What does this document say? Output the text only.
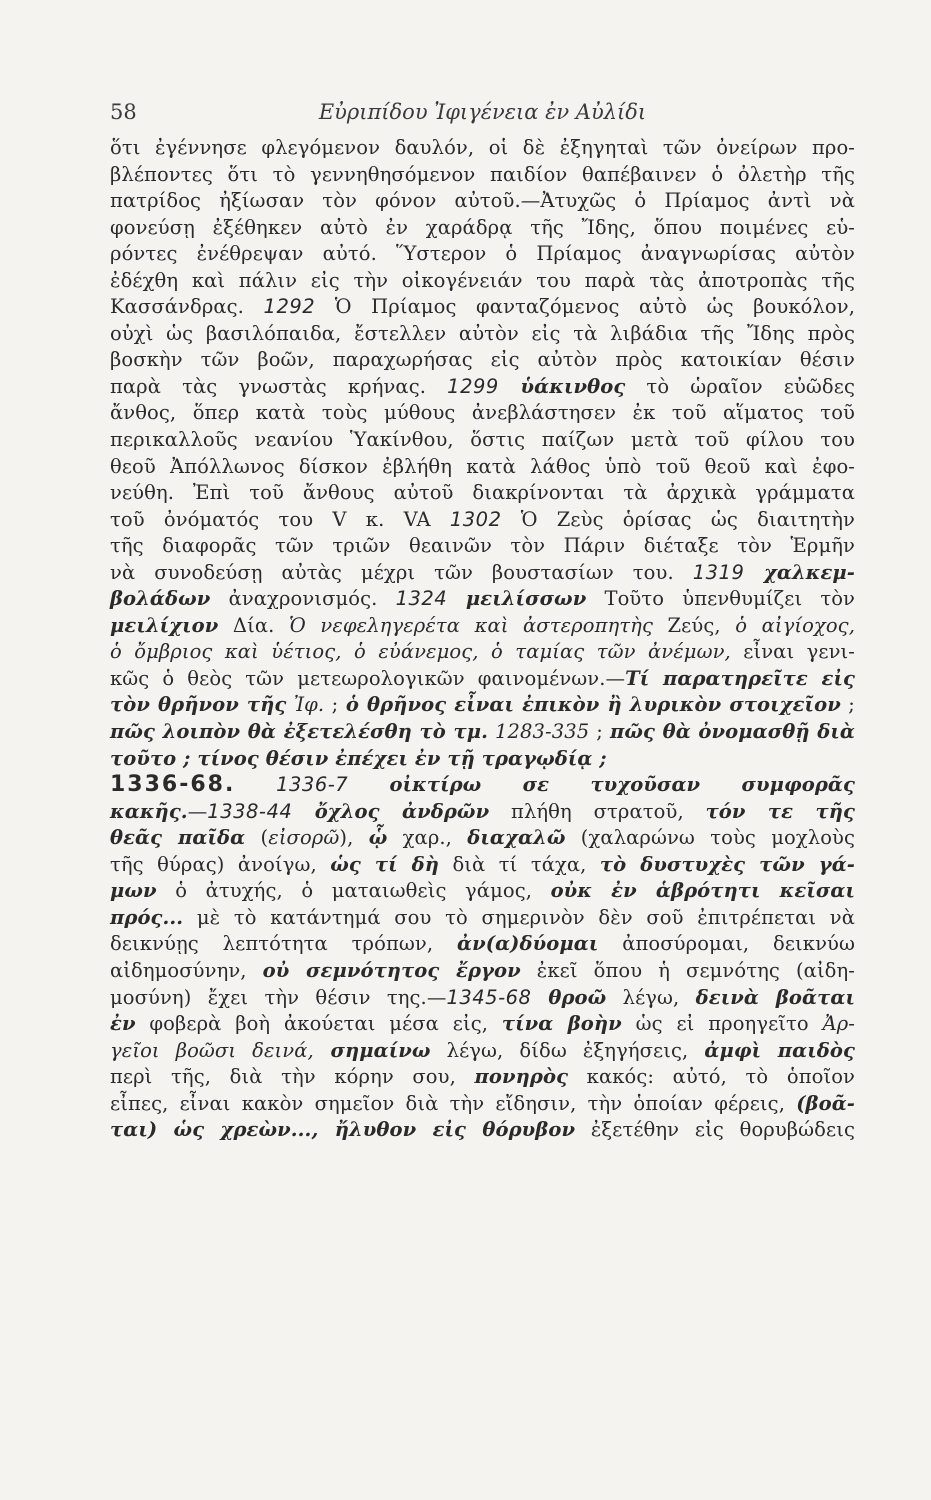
58	Εὐριπίδου Ἰφιγένεια ἐν Αὐλίδι
ὅτι ἐγέννησε φλεγόμενον δαυλόν, οἱ δὲ ἐξηγηταὶ τῶν ὀνείρων προ-
βλέποντες ὅτι τὸ γεννηθησόμενον παιδίον θαπέβαινεν ὁ ὀλετὴρ τῆς
πατρίδος ἠξίωσαν τὸν φόνον αὐτοῦ.—Ἀτυχῶς ὁ Πρίαμος ἀντὶ νὰ
φονεύσῃ ἐξέθηκεν αὐτὸ ἐν χαράδρᾳ τῆς Ἴδης, ὅπου ποιμένες εὑ-
ρόντες ἐνέθρεψαν αὐτό. Ὕστερον ὁ Πρίαμος ἀναγνωρίσας αὐτὸν
ἐδέχθη καὶ πάλιν εἰς τὴν οἰκογένειάν του παρὰ τὰς ἀποτροπὰς τῆς
Κασσάνδρας. 1292 Ὁ Πρίαμος φανταζόμενος αὐτὸ ὡς βουκόλον,
οὐχὶ ὡς βασιλόπαιδα, ἔστελλεν αὐτὸν εἰς τὰ λιβάδια τῆς Ἴδης πρὸς
βοσκὴν τῶν βοῶν, παραχωρήσας εἰς αὐτὸν πρὸς κατοικίαν θέσιν
παρὰ τὰς γνωστὰς κρήνας. 1299 ὑάκινθος τὸ ὡραῖον εὐῶδες
ἄνθος, ὅπερ κατὰ τοὺς μύθους ἀνεβλάστησεν ἐκ τοῦ αἵματος τοῦ
περικαλλοῦς νεανίου Ὑακίνθου, ὅστις παίζων μετὰ τοῦ φίλου του
θεοῦ Ἀπόλλωνος δίσκον ἐβλήθη κατὰ λάθος ὑπὸ τοῦ θεοῦ καὶ ἐφο-
νεύθη. Ἐπὶ τοῦ ἄνθους αὐτοῦ διακρίνονται τὰ ἀρχικὰ γράμματα
τοῦ ὀνόματός του V κ. VA 1302 Ὁ Ζεὺς ὁρίσας ὡς διαιτητὴν
τῆς διαφορᾶς τῶν τριῶν θεαινῶν τὸν Πάριν διέταξε τὸν Ἑρμῆν
νὰ συνοδεύσῃ αὐτὰς μέχρι τῶν βουστασίων του. 1319 χαλκεμ-
βολάδων ἀναχρονισμός. 1324 μειλίσσων Τοῦτο ὑπενθυμίζει τὸν
μειλίχιον Δία. Ὁ νεφεληγερέτα καὶ ἀστεροπητὴς Ζεύς, ὁ αἰγίοχος,
ὁ ὄμβριος καὶ ὑέτιος, ὁ εὐάνεμος, ὁ ταμίας τῶν ἀνέμων, εἶναι γενι-
κῶς ὁ θεὸς τῶν μετεωρολογικῶν φαινομένων.—Τί παρατηρεῖτε εἰς
τὸν θρῆνον τῆς Ἰφ. ; ὁ θρῆνος εἶναι ἐπικὸν ἢ λυρικὸν στοιχεῖον ;
πῶς λοιπὸν θὰ ἐξετελέσθη τὸ τμ. 1283-335 ; πῶς θὰ ὀνομασθῇ διὰ
τοῦτο ; τίνος θέσιν ἐπέχει ἐν τῇ τραγῳδίᾳ ;
1336-68. 1336-7 οἰκτίρω σε τυχοῦσαν συμφορᾶς
κακῆς.—1338-44 ὄχλος ἀνδρῶν πλήθη στρατοῦ, τόν τε τῆς
θεᾶς παῖδα (εἰσορῶ), ᾧ χαρ., διαχαλῶ (χαλαρώνω τοὺς μοχλοὺς
τῆς θύρας) ἀνοίγω, ὡς τί δὴ διὰ τί τάχα, τὸ δυστυχὲς τῶν γά-
μων ὁ ἀτυχής, ὁ ματαιωθεὶς γάμος, οὐκ ἐν ἁβρότητι κεῖσαι
πρός... μὲ τὸ κατάντημά σου τὸ σημερινὸν δὲν σοῦ ἐπιτρέπεται νὰ
δεικνύῃς λεπτότητα τρόπων, ἀν(α)δύομαι ἀποσύρομαι, δεικνύω
αἰδημοσύνην, οὐ σεμνότητος ἔργον ἐκεῖ ὅπου ἡ σεμνότης (αἰδη-
μοσύνη) ἔχει τὴν θέσιν της.—1345-68 θροῶ λέγω, δεινὰ βοᾶται
ἐν φοβερὰ βοὴ ἀκούεται μέσα εἰς, τίνα βοὴν ὡς εἰ προηγεῖτο Ἀρ-
γεῖοι βοῶσι δεινά, σημαίνω λέγω, δίδω ἐξηγήσεις, ἀμφὶ παιδὸς
περὶ τῆς, διὰ τὴν κόρην σου, πονηρὸς κακός: αὐτό, τὸ ὁποῖον
εἶπες, εἶναι κακὸν σημεῖον διὰ τὴν εἴδησιν, τὴν ὁποίαν φέρεις, (βοᾶ-
ται) ὡς χρεὼν..., ἤλυθον εἰς θόρυβον ἐξετέθην εἰς θορυβώδεις
